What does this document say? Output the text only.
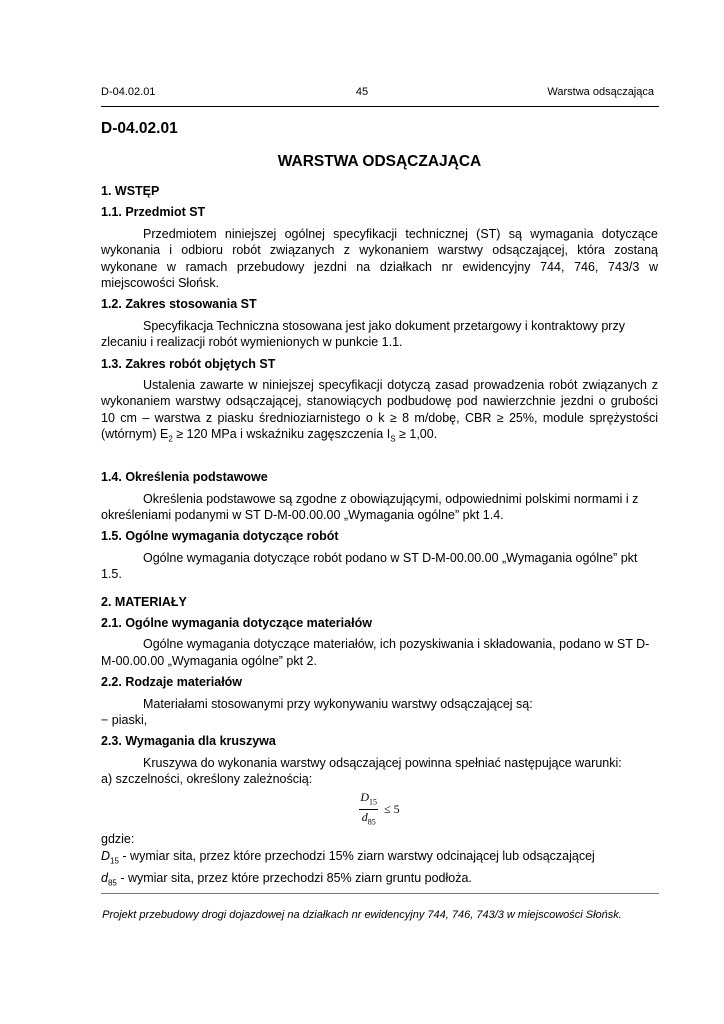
D-04.02.01	45	Warstwa odsączająca
D-04.02.01
WARSTWA ODSĄCZAJĄCA
1. WSTĘP
1.1. Przedmiot ST
Przedmiotem niniejszej ogólnej specyfikacji technicznej (ST) są wymagania dotyczące wykonania i odbioru robót związanych z wykonaniem warstwy odsączającej, która zostaną wykonane w ramach przebudowy jezdni na działkach nr ewidencyjny 744, 746, 743/3 w miejscowości Słońsk.
1.2. Zakres stosowania ST
Specyfikacja Techniczna stosowana jest jako dokument przetargowy i kontraktowy przy zlecaniu i realizacji robót wymienionych w punkcie 1.1.
1.3. Zakres robót objętych ST
Ustalenia zawarte w niniejszej specyfikacji dotyczą zasad prowadzenia robót związanych z wykonaniem warstwy odsączającej, stanowiących podbudowę pod nawierzchnie jezdni o grubości 10 cm – warstwa z piasku średnioziarnistego o k ≥ 8 m/dobę, CBR ≥ 25%, module sprężystości (wtórnym) $E_2 \ge 120$ MPa i wskaźniku zagęszczenia $I_S \ge 1,00$.
1.4. Określenia podstawowe
Określenia podstawowe są zgodne z obowiązującymi, odpowiednimi polskimi normami i z określeniami podanymi w ST D-M-00.00.00 „Wymagania ogólne” pkt 1.4.
1.5. Ogólne wymagania dotyczące robót
Ogólne wymagania dotyczące robót podano w ST D-M-00.00.00 „Wymagania ogólne” pkt 1.5.
2. MATERIAŁY
2.1. Ogólne wymagania dotyczące materiałów
Ogólne wymagania dotyczące materiałów, ich pozyskiwania i składowania, podano w ST D-M-00.00.00 „Wymagania ogólne” pkt 2.
2.2. Rodzaje materiałów
Materiałami stosowanymi przy wykonywaniu warstwy odsączającej są:
− piaski,
2.3. Wymagania dla kruszywa
Kruszywa do wykonania warstwy odsączającej powinna spełniać następujące warunki:
a) szczelności, określony zależnością:
$\frac{D_{15}}{d_{85}} \le 5$
gdzie:
$D_{15}$ - wymiar sita, przez które przechodzi 15% ziarn warstwy odcinającej lub odsączającej
$d_{85}$ - wymiar sita, przez które przechodzi 85% ziarn gruntu podłoża.
Projekt przebudowy drogi dojazdowej na działkach nr ewidencyjny 744, 746, 743/3 w miejscowości Słońsk.
